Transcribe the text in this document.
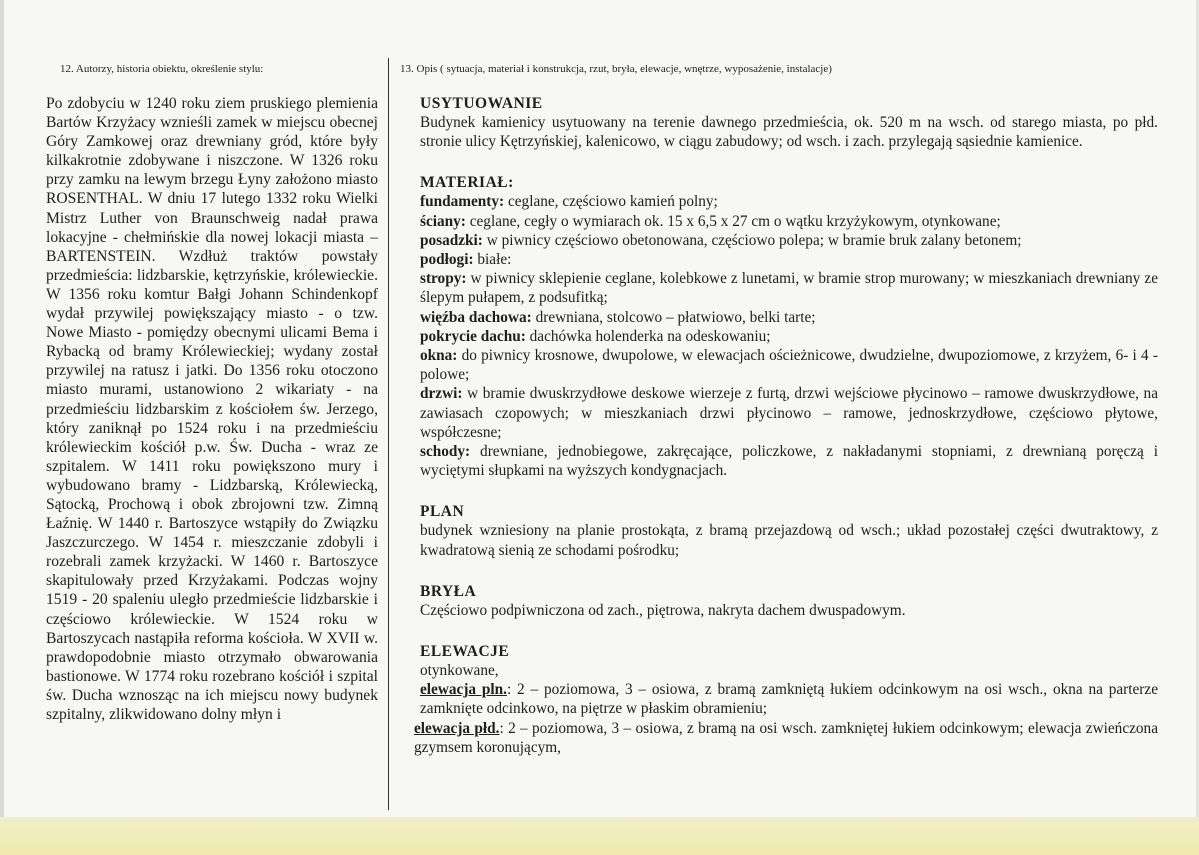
12. Autorzy, historia obiektu, określenie stylu:

Po zdobyciu w 1240 roku ziem pruskiego plemienia Bartów Krzyżacy wznieśli zamek w miejscu obecnej Góry Zamkowej oraz drewniany gród, które były kilkakrotnie zdobywane i niszczone. W 1326 roku przy zamku na lewym brzegu Łyny założono miasto ROSENTHAL. W dniu 17 lutego 1332 roku Wielki Mistrz Luther von Braunschweig nadał prawa lokacyjne - chełmińskie dla nowej lokacji miasta – BARTENSTEIN. Wzdłuż traktów powstały przedmieścia: lidzbarskie, kętrzyńskie, królewieckie. W 1356 roku komtur Bałgi Johann Schindenkopf wydał przywilej powiększający miasto - o tzw. Nowe Miasto - pomiędzy obecnymi ulicami Bema i Rybacką od bramy Królewieckiej; wydany został przywilej na ratusz i jatki. Do 1356 roku otoczono miasto murami, ustanowiono 2 wikariaty - na przedmieściu lidzbarskim z kościołem św. Jerzego, który zaniknął po 1524 roku i na przedmieściu królewieckim kościół p.w. Św. Ducha - wraz ze szpitalem. W 1411 roku powiększono mury i wybudowano bramy - Lidzbarską, Królewiecką, Sątocką, Prochową i obok zbrojowni tzw. Zimną Łaźnię. W 1440 r. Bartoszyce wstąpiły do Związku Jaszczurczego. W 1454 r. mieszczanie zdobyli i rozebrali zamek krzyżacki. W 1460 r. Bartoszyce skapitulowały przed Krzyżakami. Podczas wojny 1519 - 20 spaleniu uległo przedmieście lidzbarskie i częściowo królewieckie. W 1524 roku w Bartoszycach nastąpiła reforma kościoła. W XVII w. prawdopodobnie miasto otrzymało obwarowania bastionowe. W 1774 roku rozebrano kościół i szpital św. Ducha wznosząc na ich miejscu nowy budynek szpitalny, zlikwidowano dolny młyn i

13. Opis ( sytuacja, materiał i konstrukcja, rzut, bryła, elewacje, wnętrze, wyposażenie, instalacje)

USYTUOWANIE

Budynek kamienicy usytuowany na terenie dawnego przedmieścia, ok. 520 m na wsch. od starego miasta, po płd. stronie ulicy Kętrzyńskiej, kalenicowo, w ciągu zabudowy; od wsch. i zach. przylegają sąsiednie kamienice.

MATERIAŁ:
fundamenty: ceglane, częściowo kamień polny;
ściany: ceglane, cegły o wymiarach ok. 15 x 6,5 x 27 cm o wątku krzyżykowym, otynkowane;
posadzki: w piwnicy częściowo obetonowana, częściowo polepa; w bramie bruk zalany betonem;
podłogi: białe:
stropy: w piwnicy sklepienie ceglane, kolebkowe z lunetami, w bramie strop murowany; w mieszkaniach drewniany ze ślepym pułapem, z podsufitką;
więźba dachowa: drewniana, stolcowo – płatwiowo, belki tarte;
pokrycie dachu: dachówka holenderka na odeskowaniu;
okna: do piwnicy krosnowe, dwupolowe, w elewacjach ościeżnicowe, dwudzielne, dwupoziomowe, z krzyżem, 6- i 4 - polowe;
drzwi: w bramie dwuskrzydłowe deskowe wierzeje z furtą, drzwi wejściowe płycinowo – ramowe dwuskrzydłowe, na zawiasach czopowych; w mieszkaniach drzwi płycinowo – ramowe, jednoskrzydłowe, częściowo płytowe, współczesne;
schody: drewniane, jednobiegowe, zakręcające, policzkowe, z nakładanymi stopniami, z drewnianą poręczą i wyciętymi słupkami na wyższych kondygnacjach.
PLAN

budynek wzniesiony na planie prostokąta, z bramą przejazdową od wsch.; układ pozostałej części dwutraktowy, z kwadratową sienią ze schodami pośrodku;

BRYŁA

Częściowo podpiwniczona od zach., piętrowa, nakryta dachem dwuspadowym.

ELEWACJE

otynkowane,

elewacja pln.: 2 – poziomowa, 3 – osiowa, z bramą zamkniętą łukiem odcinkowym na osi wsch., okna na parterze zamknięte odcinkowo, na piętrze w płaskim obramieniu;

elewacja płd.: 2 – poziomowa, 3 – osiowa, z bramą na osi wsch. zamkniętej łukiem odcinkowym; elewacja zwieńczona gzymsem koronującym,
